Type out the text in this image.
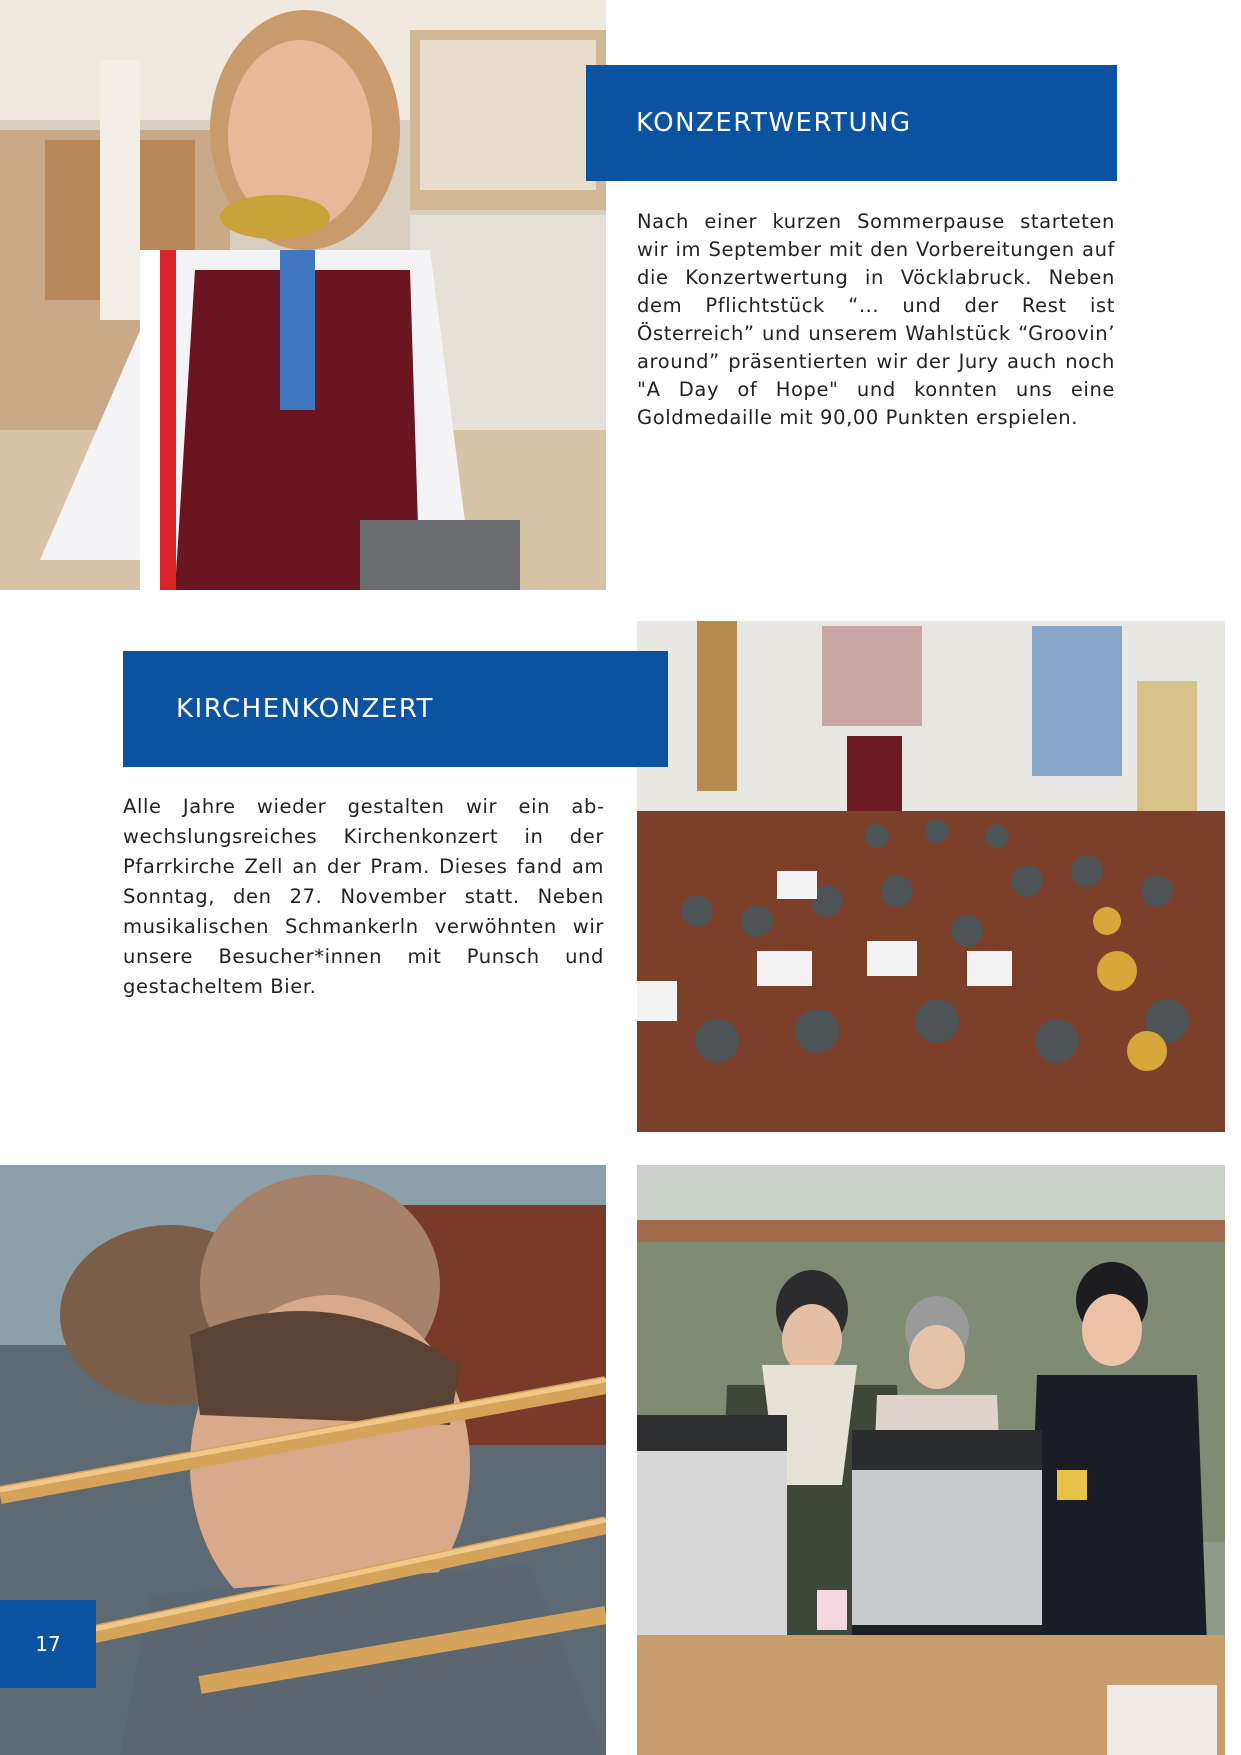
KONZERTWERTUNG

Nach einer kurzen Sommerpause starteten wir im September mit den Vorbereitungen auf die Konzertwertung in Vöcklabruck. Neben dem Pflichtstück “... und der Rest ist Österreich” und unserem Wahlstück “Groovin’ around” präsentierten wir der Jury auch noch "A Day of Hope" und konnten uns eine Goldmedaille mit 90,00 Punkten erspielen.

KIRCHENKONZERT

Alle Jahre wieder gestalten wir ein abwechslungsreiches Kirchenkonzert in der Pfarrkirche Zell an der Pram. Dieses fand am Sonntag, den 27. November statt. Neben musikalischen Schmankerln verwöhnten wir unsere Besucher*innen mit Punsch und gestacheltem Bier.

17
